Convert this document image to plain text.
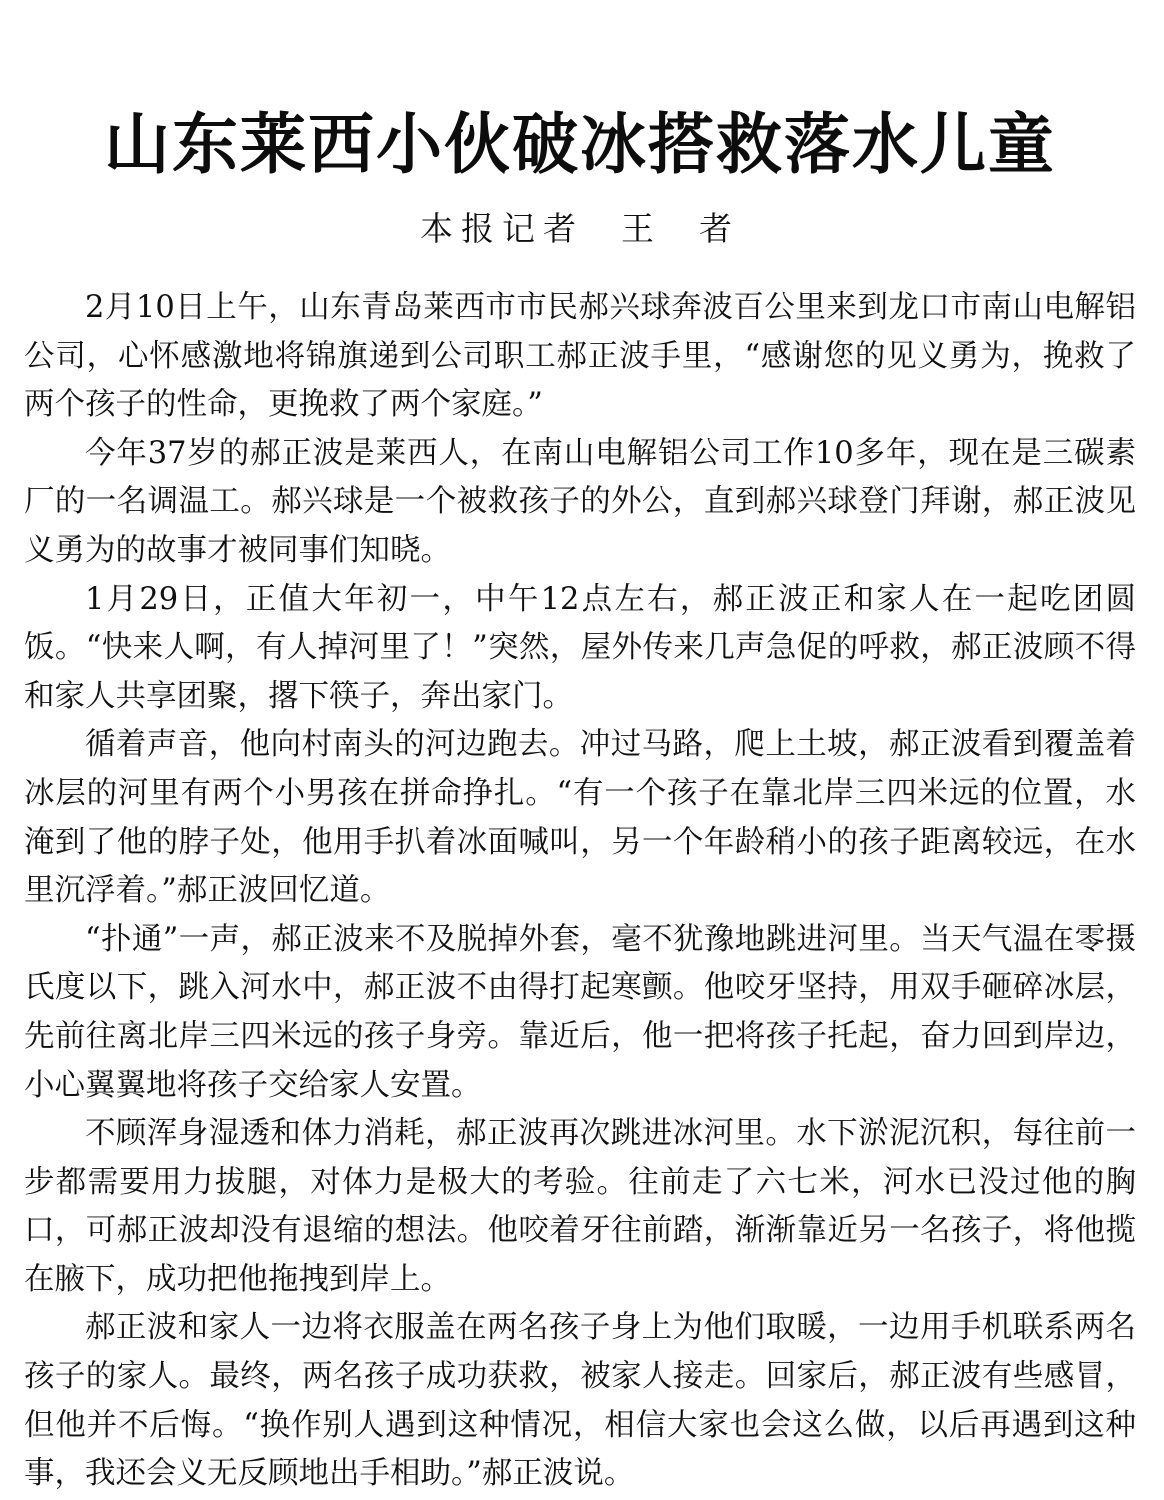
山东莱西小伙破冰搭救落水儿童
本报记者  王  者

2月10日上午，山东青岛莱西市市民郝兴球奔波百公里来到龙口市南山电解铝公司，心怀感激地将锦旗递到公司职工郝正波手里，“感谢您的见义勇为，挽救了两个孩子的性命，更挽救了两个家庭。”

今年37岁的郝正波是莱西人，在南山电解铝公司工作10多年，现在是三碳素厂的一名调温工。郝兴球是一个被救孩子的外公，直到郝兴球登门拜谢，郝正波见义勇为的故事才被同事们知晓。

1月29日，正值大年初一，中午12点左右，郝正波正和家人在一起吃团圆饭。“快来人啊，有人掉河里了！”突然，屋外传来几声急促的呼救，郝正波顾不得和家人共享团聚，撂下筷子，奔出家门。

循着声音，他向村南头的河边跑去。冲过马路，爬上土坡，郝正波看到覆盖着冰层的河里有两个小男孩在拼命挣扎。“有一个孩子在靠北岸三四米远的位置，水淹到了他的脖子处，他用手扒着冰面喊叫，另一个年龄稍小的孩子距离较远，在水里沉浮着。”郝正波回忆道。

“扑通”一声，郝正波来不及脱掉外套，毫不犹豫地跳进河里。当天气温在零摄氏度以下，跳入河水中，郝正波不由得打起寒颤。他咬牙坚持，用双手砸碎冰层，先前往离北岸三四米远的孩子身旁。靠近后，他一把将孩子托起，奋力回到岸边，小心翼翼地将孩子交给家人安置。

不顾浑身湿透和体力消耗，郝正波再次跳进冰河里。水下淤泥沉积，每往前一步都需要用力拔腿，对体力是极大的考验。往前走了六七米，河水已没过他的胸口，可郝正波却没有退缩的想法。他咬着牙往前踏，渐渐靠近另一名孩子，将他揽在腋下，成功把他拖拽到岸上。

郝正波和家人一边将衣服盖在两名孩子身上为他们取暖，一边用手机联系两名孩子的家人。最终，两名孩子成功获救，被家人接走。回家后，郝正波有些感冒，但他并不后悔。“换作别人遇到这种情况，相信大家也会这么做，以后再遇到这种事，我还会义无反顾地出手相助。”郝正波说。
